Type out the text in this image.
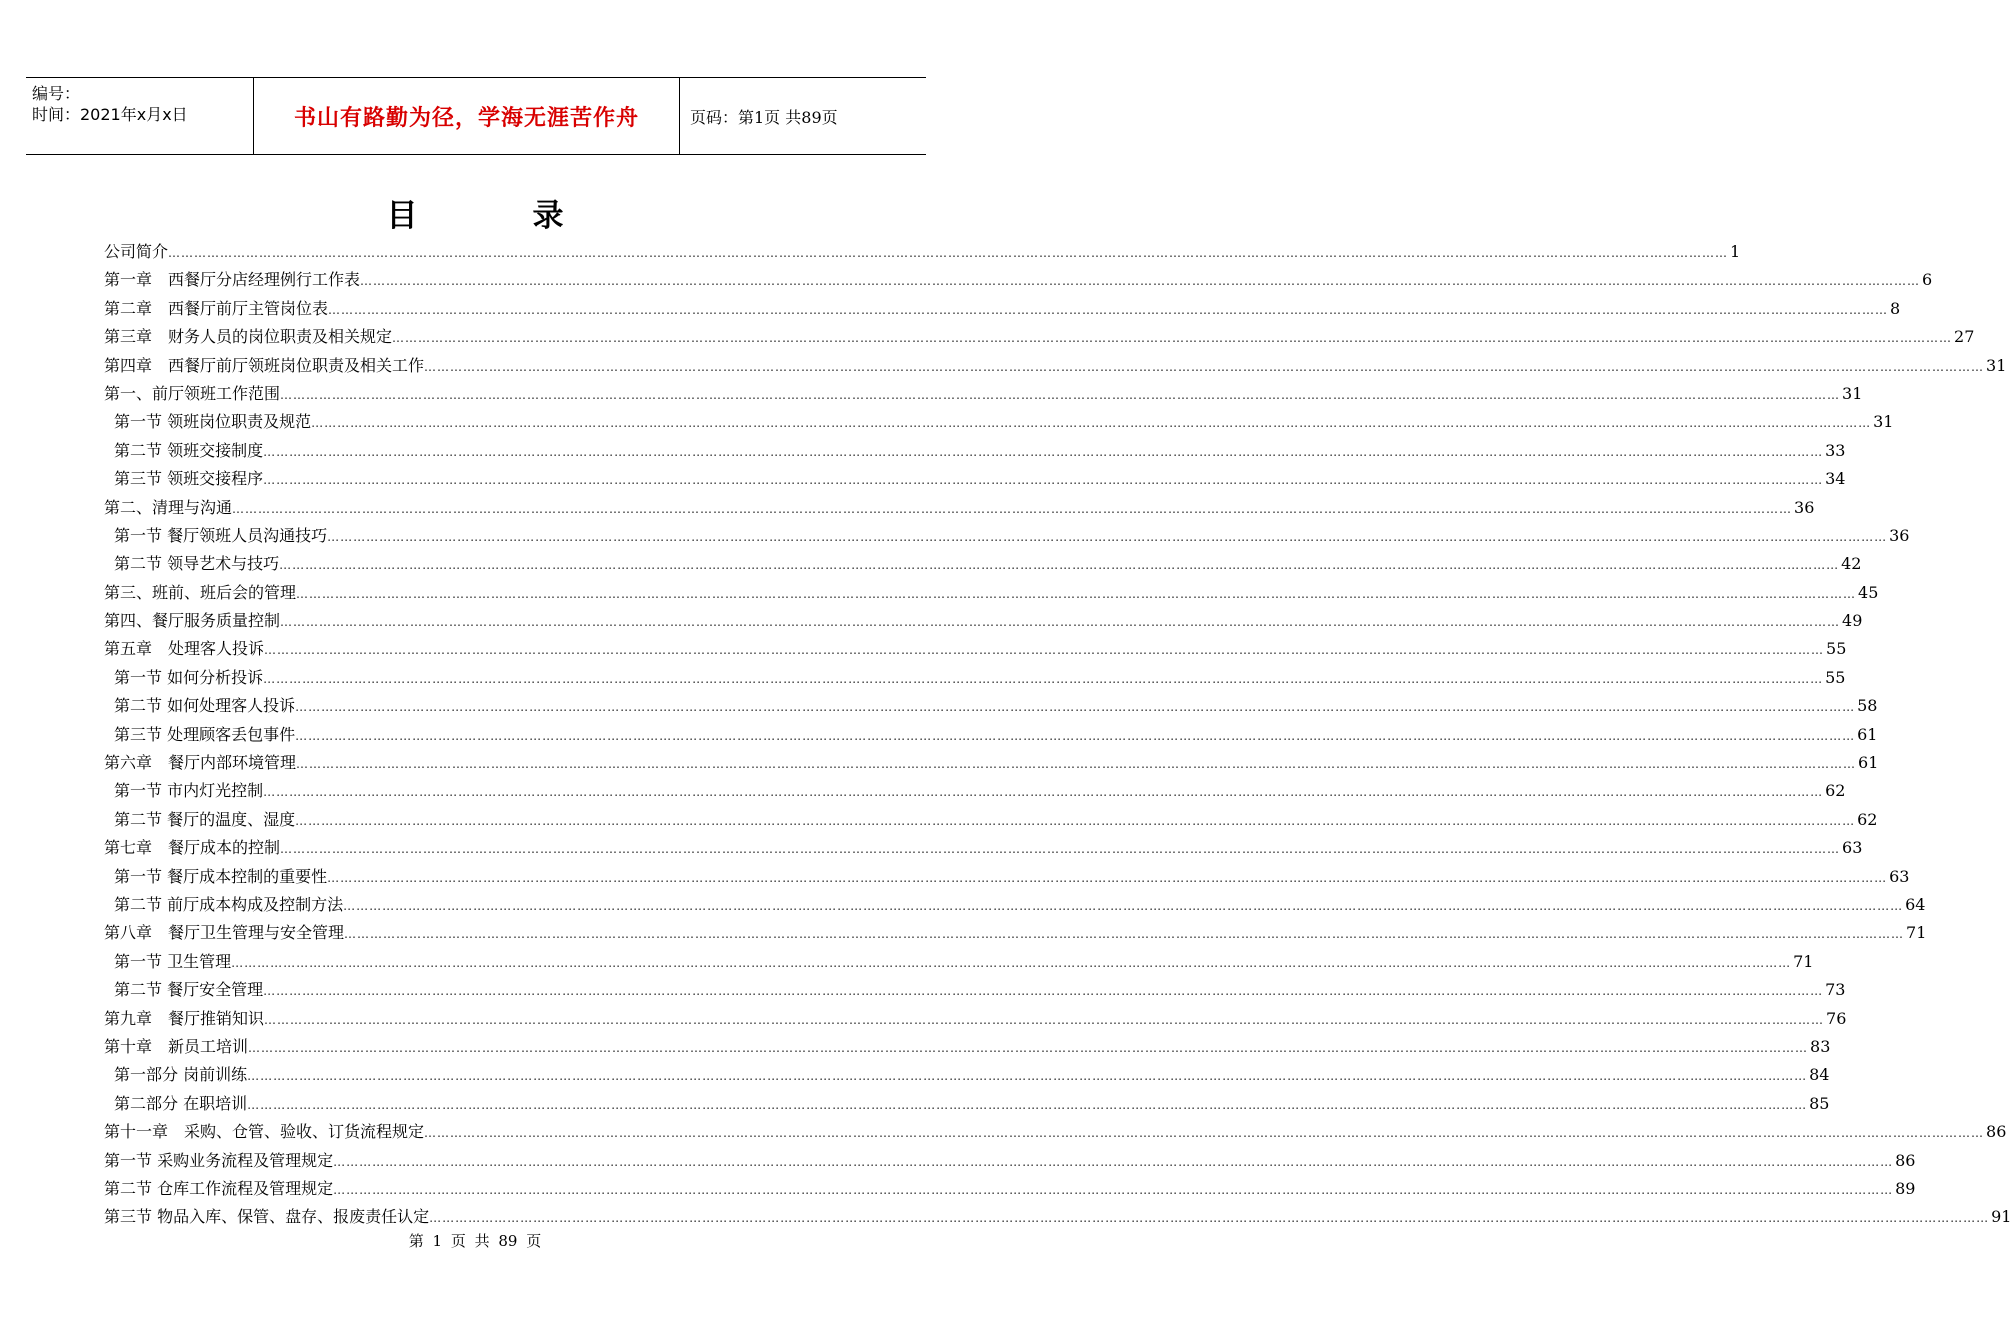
编号：
时间：2021年x月x日	书山有路勤为径，学海无涯苦作舟	页码：第1页 共89页
目　录
公司简介 ……………………………………………………………………………………………………………………………………………………………………………………………………………………………………………………………………………………………………………………………… 1
第一章　西餐厅分店经理例行工作表 ……………………………………………………………………………………………………………………………………………………………………………………………………………………………………………………………………………………………………………………………… 6
第二章　西餐厅前厅主管岗位表 ……………………………………………………………………………………………………………………………………………………………………………………………………………………………………………………………………………………………………………………………… 8
第三章　财务人员的岗位职责及相关规定 ……………………………………………………………………………………………………………………………………………………………………………………………………………………………………………………………………………………………………………………………… 27
第四章　西餐厅前厅领班岗位职责及相关工作 ……………………………………………………………………………………………………………………………………………………………………………………………………………………………………………………………………………………………………………………………… 31
第一、前厅领班工作范围 ……………………………………………………………………………………………………………………………………………………………………………………………………………………………………………………………………………………………………………………………… 31
第一节 领班岗位职责及规范 ……………………………………………………………………………………………………………………………………………………………………………………………………………………………………………………………………………………………………………………………… 31
第二节 领班交接制度 ……………………………………………………………………………………………………………………………………………………………………………………………………………………………………………………………………………………………………………………………… 33
第三节 领班交接程序 ……………………………………………………………………………………………………………………………………………………………………………………………………………………………………………………………………………………………………………………………… 34
第二、清理与沟通 ……………………………………………………………………………………………………………………………………………………………………………………………………………………………………………………………………………………………………………………………… 36
第一节 餐厅领班人员沟通技巧 ……………………………………………………………………………………………………………………………………………………………………………………………………………………………………………………………………………………………………………………………… 36
第二节 领导艺术与技巧 ……………………………………………………………………………………………………………………………………………………………………………………………………………………………………………………………………………………………………………………………… 42
第三、班前、班后会的管理 ……………………………………………………………………………………………………………………………………………………………………………………………………………………………………………………………………………………………………………………………… 45
第四、餐厅服务质量控制 ……………………………………………………………………………………………………………………………………………………………………………………………………………………………………………………………………………………………………………………………… 49
第五章　处理客人投诉 ……………………………………………………………………………………………………………………………………………………………………………………………………………………………………………………………………………………………………………………………… 55
第一节 如何分析投诉 ……………………………………………………………………………………………………………………………………………………………………………………………………………………………………………………………………………………………………………………………… 55
第二节 如何处理客人投诉 ……………………………………………………………………………………………………………………………………………………………………………………………………………………………………………………………………………………………………………………………… 58
第三节 处理顾客丢包事件 ……………………………………………………………………………………………………………………………………………………………………………………………………………………………………………………………………………………………………………………………… 61
第六章　餐厅内部环境管理 ……………………………………………………………………………………………………………………………………………………………………………………………………………………………………………………………………………………………………………………………… 61
第一节 市内灯光控制 ……………………………………………………………………………………………………………………………………………………………………………………………………………………………………………………………………………………………………………………………… 62
第二节 餐厅的温度、湿度 ……………………………………………………………………………………………………………………………………………………………………………………………………………………………………………………………………………………………………………………………… 62
第七章　餐厅成本的控制 ……………………………………………………………………………………………………………………………………………………………………………………………………………………………………………………………………………………………………………………………… 63
第一节 餐厅成本控制的重要性 ……………………………………………………………………………………………………………………………………………………………………………………………………………………………………………………………………………………………………………………………… 63
第二节 前厅成本构成及控制方法 ……………………………………………………………………………………………………………………………………………………………………………………………………………………………………………………………………………………………………………………………… 64
第八章　餐厅卫生管理与安全管理 ……………………………………………………………………………………………………………………………………………………………………………………………………………………………………………………………………………………………………………………………… 71
第一节 卫生管理 ……………………………………………………………………………………………………………………………………………………………………………………………………………………………………………………………………………………………………………………………… 71
第二节 餐厅安全管理 ……………………………………………………………………………………………………………………………………………………………………………………………………………………………………………………………………………………………………………………………… 73
第九章　餐厅推销知识 ……………………………………………………………………………………………………………………………………………………………………………………………………………………………………………………………………………………………………………………………… 76
第十章　新员工培训 ……………………………………………………………………………………………………………………………………………………………………………………………………………………………………………………………………………………………………………………………… 83
第一部分 岗前训练 ……………………………………………………………………………………………………………………………………………………………………………………………………………………………………………………………………………………………………………………………… 84
第二部分 在职培训 ……………………………………………………………………………………………………………………………………………………………………………………………………………………………………………………………………………………………………………………………… 85
第十一章　采购、仓管、验收、订货流程规定 ……………………………………………………………………………………………………………………………………………………………………………………………………………………………………………………………………………………………………………………………… 86
第一节 采购业务流程及管理规定 ……………………………………………………………………………………………………………………………………………………………………………………………………………………………………………………………………………………………………………………………… 86
第二节 仓库工作流程及管理规定 ……………………………………………………………………………………………………………………………………………………………………………………………………………………………………………………………………………………………………………………………… 89
第三节 物品入库、保管、盘存、报废责任认定 ……………………………………………………………………………………………………………………………………………………………………………………………………………………………………………………………………………………………………………………………… 91
第 1 页 共 89 页
